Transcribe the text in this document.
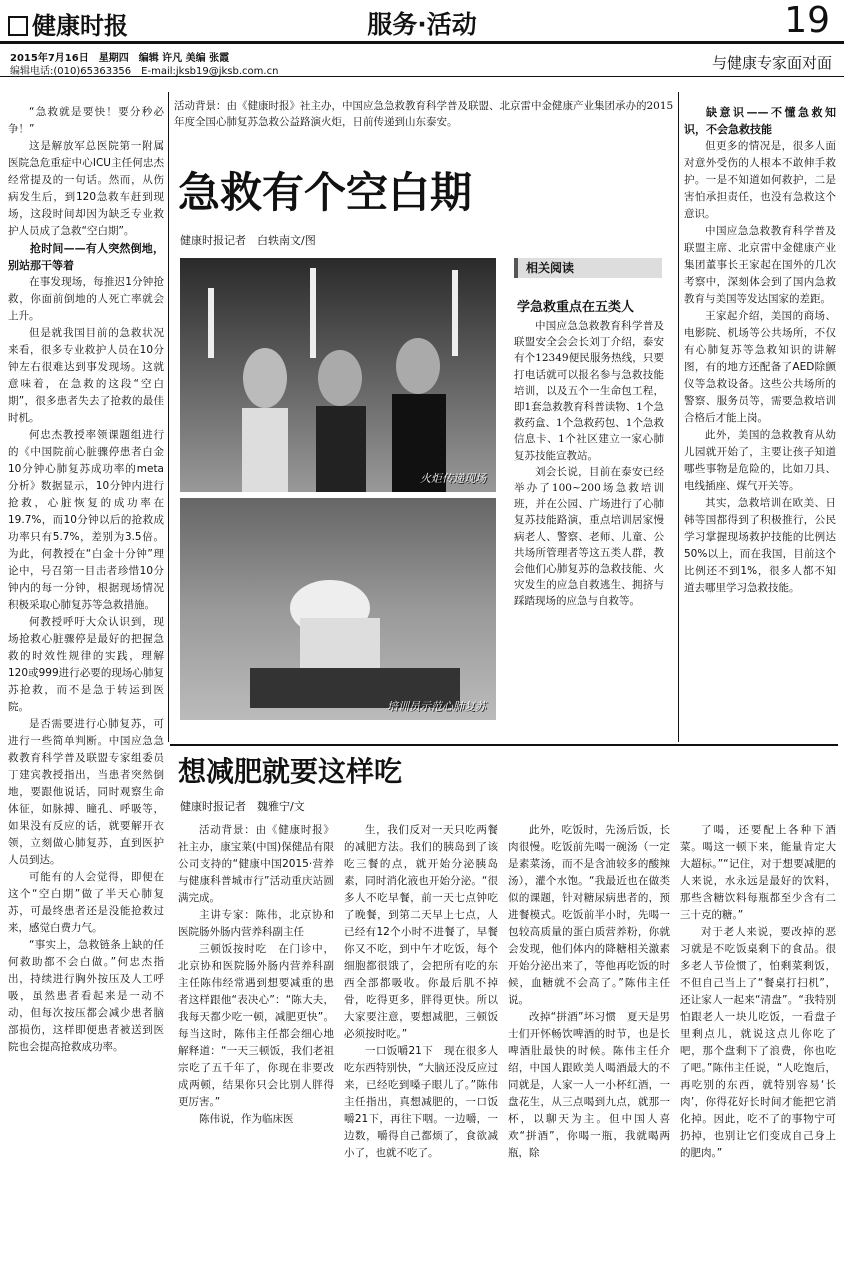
健康时报	服务·活动	19
2015年7月16日　星期四　编辑 许凡 美编 张霞
编辑电话:(010)65363356　E-mail:jksb19@jksb.com.cn	与健康专家面对面
活动背景：由《健康时报》社主办，中国应急急救教育科学普及联盟、北京雷中金健康产业集团承办的2015年度全国心肺复苏急救公益路演火炬，日前传递到山东泰安。
急救有个空白期
健康时报记者　白轶南文/图
火炬传递现场
培训员示范心肺复苏
相关阅读
学急救重点在五类人

中国应急急救教育科学普及联盟安全会会长刘丁介绍，泰安有个12349便民服务热线，只要打电话就可以报名参与急救技能培训，以及五个一生命包工程，即1套急救教育科普读物、1个急救药盒、1个急救药包、1个急救信息卡、1个社区建立一家心肺复苏技能宣教站。

刘会长说，目前在泰安已经举办了100~200场急救培训班，并在公园、广场进行了心肺复苏技能路演，重点培训居家慢病老人、警察、老师、儿童、公共场所管理者等这五类人群，教会他们心肺复苏的急救技能、火灾发生的应急自救逃生、拥挤与踩踏现场的应急与自救等。

“急救就是要快！要分秒必争！”

这是解放军总医院第一附属医院急危重症中心ICU主任何忠杰经常提及的一句话。然而，从伤病发生后，到120急救车赶到现场，这段时间却因为缺乏专业救护人员成了急救“空白期”。

抢时间——有人突然倒地，别站那干等着

在事发现场，每推迟1分钟抢救，你面前倒地的人死亡率就会上升。

但是就我国目前的急救状况来看，很多专业救护人员在10分钟左右很难达到事发现场。这就意味着，在急救的这段“空白期”，很多患者失去了抢救的最佳时机。

何忠杰教授率领课题组进行的《中国院前心脏骤停患者白金10分钟心肺复苏成功率的meta分析》数据显示，10分钟内进行抢救，心脏恢复的成功率在19.7%，而10分钟以后的抢救成功率只有5.7%，差别为3.5倍。为此，何教授在“白金十分钟”理论中，号召第一目击者珍惜10分钟内的每一分钟，根据现场情况积极采取心肺复苏等急救措施。

何教授呼吁大众认识到，现场抢救心脏骤停是最好的把握急救的时效性规律的实践，理解120或999进行必要的现场心肺复苏抢救，而不是急于转运到医院。

是否需要进行心肺复苏，可进行一些简单判断。中国应急急救教育科学普及联盟专家组委员丁建宾教授指出，当患者突然倒地，要跟他说话，同时观察生命体征，如脉搏、瞳孔、呼吸等，如果没有反应的话，就要解开衣领，立刻做心肺复苏，直到医护人员到达。

可能有的人会觉得，即便在这个“空白期”做了半天心肺复苏，可最终患者还是没能抢救过来，感觉白费力气。

“事实上，急救链条上缺的任何救助都不会白做。”何忠杰指出，持续进行胸外按压及人工呼吸，虽然患者看起来是一动不动，但每次按压都会减少患者脑部损伤，这样即便患者被送到医院也会提高抢救成功率。

缺意识——不懂急救知识，不会急救技能

但更多的情况是，很多人面对意外受伤的人根本不敢伸手救护。一是不知道如何救护，二是害怕承担责任，也没有急救这个意识。

中国应急急救教育科学普及联盟主席、北京雷中金健康产业集团董事长王家起在国外的几次考察中，深刻体会到了国内急救教育与美国等发达国家的差距。

王家起介绍，美国的商场、电影院、机场等公共场所，不仅有心肺复苏等急救知识的讲解图，有的地方还配备了AED除颤仪等急救设备。这些公共场所的警察、服务员等，需要急救培训合格后才能上岗。

此外，美国的急救教育从幼儿园就开始了，主要让孩子知道哪些事物是危险的，比如刀具、电线插座、煤气开关等。

其实，急救培训在欧美、日韩等国都得到了积极推行，公民学习掌握现场救护技能的比例达50%以上，而在我国，目前这个比例还不到1%，很多人都不知道去哪里学习急救技能。

想减肥就要这样吃
健康时报记者　魏雅宁/文

活动背景：由《健康时报》社主办，康宝莱(中国)保健品有限公司支持的“健康中国2015·营养与健康科普城市行”活动重庆站圆满完成。

主讲专家：陈伟，北京协和医院肠外肠内营养科副主任

三顿饭按时吃　在门诊中，北京协和医院肠外肠内营养科副主任陈伟经常遇到想要减重的患者这样跟他“表决心”：“陈大夫，我每天都少吃一顿，减肥更快”。每当这时，陈伟主任都会细心地解释道：“一天三顿饭，我们老祖宗吃了五千年了，你现在非要改成两顿，结果你只会比别人胖得更厉害。”

陈伟说，作为临床医

生，我们反对一天只吃两餐的减肥方法。我们的胰岛到了该吃三餐的点，就开始分泌胰岛素，同时消化液也开始分泌。“很多人不吃早餐，前一天七点钟吃了晚餐，到第二天早上七点，人已经有12个小时不进餐了，早餐你又不吃，到中午才吃饭，每个细胞都很饿了，会把所有吃的东西全部都吸收。你最后肌不掉骨，吃得更多，胖得更快。所以大家要注意，要想减肥，三顿饭必须按时吃。”

一口饭嚼21下　现在很多人吃东西特别快，“大脑还没反应过来，已经吃到嗓子眼儿了。”陈伟主任指出，真想减肥的，一口饭嚼21下，再往下咽。一边嚼，一边数，嚼得自己都烦了，食欲减小了，也就不吃了。

此外，吃饭时，先汤后饭，长肉很慢。吃饭前先喝一碗汤（一定是素菜汤，而不是含油较多的酸辣汤），灌个水饱。“我最近也在做类似的课题，针对糖尿病患者的，预进餐模式。吃饭前半小时，先喝一包较高质量的蛋白质营养粉，你就会发现，他们体内的降糖相关激素开始分泌出来了，等他再吃饭的时候，血糖就不会高了。”陈伟主任说。

改掉“拼酒”坏习惯　夏天是男士们开怀畅饮啤酒的时节，也是长啤酒肚最快的时候。陈伟主任介绍，中国人跟欧美人喝酒最大的不同就是，人家一人一小杯红酒，一盘花生，从三点喝到九点，就那一杯，以聊天为主。但中国人喜欢“拼酒”，你喝一瓶，我就喝两瓶，除

了喝，还要配上各种下酒菜。喝这一顿下来，能量肯定大大超标。”“记住，对于想要减肥的人来说，水永远是最好的饮料，那些含糖饮料每瓶都至少含有二三十克的糖。”

对于老人来说，要改掉的恶习就是不吃饭桌剩下的食品。很多老人节俭惯了，怕剩菜剩饭，不但自己当上了“餐桌打扫机”，还让家人一起来“清盘”。“我特别怕跟老人一块儿吃饭，一看盘子里剩点儿，就说这点儿你吃了吧，那个盘剩下了浪费，你也吃了吧。”陈伟主任说，“人吃饱后，再吃别的东西，就特别容易‘长肉’，你得花好长时间才能把它消化掉。因此，吃不了的事物宁可扔掉，也别让它们变成自己身上的肥肉。”
